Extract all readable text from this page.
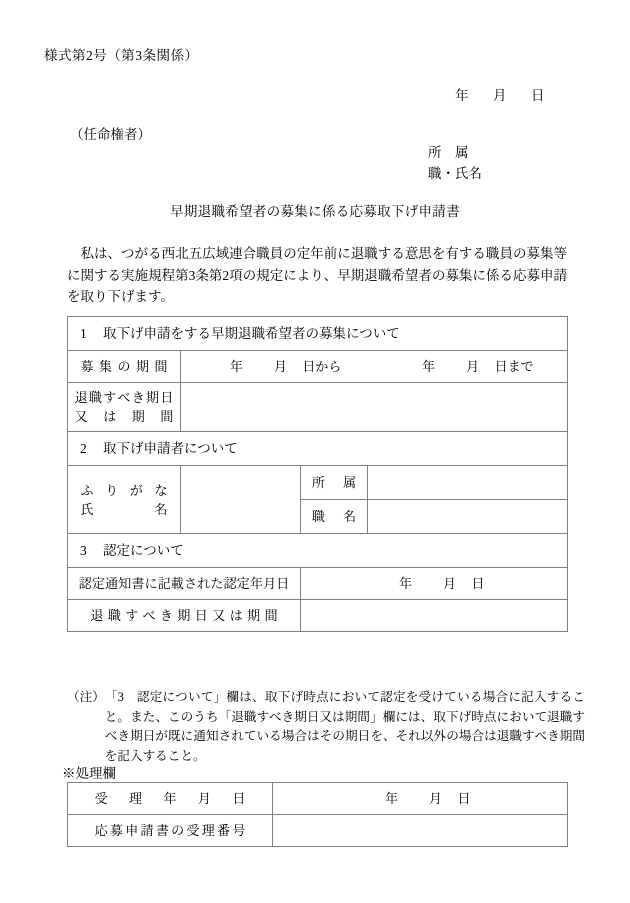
様式第2号（第3条関係）
年 月 日
（任命権者）
所　属
職・氏名
早期退職希望者の募集に係る応募取下げ申請書
私は、つがる西北五広域連合職員の定年前に退職する意思を有する職員の募集等に関する実施規程第3条第2項の規定により、早期退職希望者の募集に係る応募申請を取り下げます。
1 取下げ申請をする早期退職希望者の募集について			

募集の期間	年 月 日から 年 月 日まで		

退職すべき期日
又は期間			

2 取下げ申請者について			

ふりがな
氏名		所属	

		職名	

3 認定について			

認定通知書に記載された認定年月日		年 月 日	

退職すべき期日又は期間			

（注） 「3　認定について」欄は、取下げ時点において認定を受けている場合に記入すること。また、このうち「退職すべき期日又は期間」欄には、取下げ時点において退職すべき期日が既に通知されている場合はその期日を、それ以外の場合は退職すべき期間を記入すること。
※処理欄
受理年月日	年 月 日

応募申請書の受理番号	
